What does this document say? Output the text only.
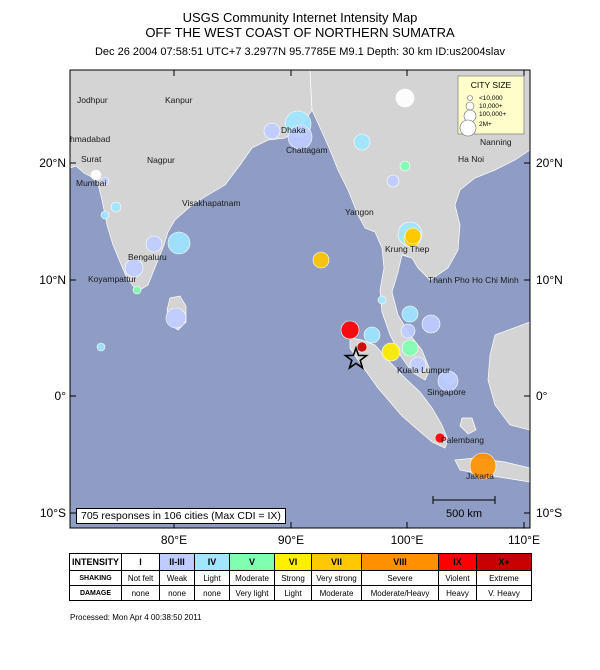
USGS Community Internet Intensity Map
OFF THE WEST COAST OF NORTHERN SUMATRA
Dec 26 2004 07:58:51 UTC+7 3.2977N 95.7785E M9.1 Depth: 30 km ID:us2004slav
Jodhpur	Kanpur
hmadabad
Dhaka
Chattagam
Surat	Nagpur
Mumbai
Ha Noi
Nanning
Visakhapatnam
Yangon
Krung Thep
Bengaluru
Koyampattur	Thanh Pho Ho Chi Minh
Kuala Lumpur
Singapore
Palembang
Jakarta
20°N
10°N
0°
10°S
20°N
10°N
0°
10°S
80°E	90°E	100°E	110°E
CITY SIZE
<10,000
10,000+
100,000+
2M+
705 responses in 106 cities (Max CDI = IX)	500 km
INTENSITY	I	II-III	IV	V	VI	VII	VIII	IX	X+
SHAKING	Not felt	Weak	Light	Moderate	Strong	Very strong	Severe	Violent	Extreme
DAMAGE	none	none	none	Very light	Light	Moderate	Moderate/Heavy	Heavy	V. Heavy
Processed: Mon Apr 4 00:38:50 2011
